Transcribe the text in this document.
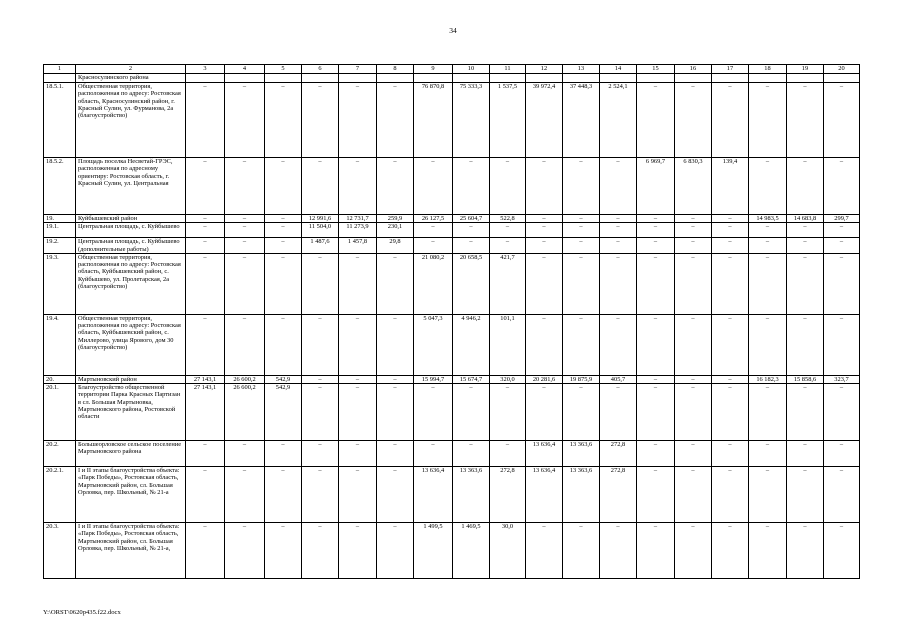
34
1	2	3	4	5	6	7	8	9	10	11	12	13	14	15	16	17	18	19	20
	Красносулинского района																		
18.5.1.	Общественная территория, расположенная по адресу: Ростовская область, Красносулинский район, г. Красный Сулин, ул. Фурманова, 2а (благоустройство)	–	–	–	–	–	–	76 870,8	75 333,3	1 537,5	39 972,4	37 448,3	2 524,1	–	–	–	–	–	–
18.5.2.	Площадь поселка Несветай-ГРЭС, расположенная по адресному ориентиру: Ростовская область, г. Красный Сулин, ул. Центральная	–	–	–	–	–	–	–	–	–	–	–	–	6 969,7	6 830,3	139,4	–	–	–
19.	Куйбышевский район	–	–	–	12 991,6	12 731,7	259,9	26 127,5	25 604,7	522,8	–	–	–	–	–	–	14 983,5	14 683,8	299,7
19.1.	Центральная площадь, с. Куйбышево	–	–	–	11 504,0	11 273,9	230,1	–	–	–	–	–	–	–	–	–	–	–	–
19.2.	Центральная площадь, с. Куйбышево (дополнительные работы)	–	–	–	1 487,6	1 457,8	29,8	–	–	–	–	–	–	–	–	–	–	–	–
19.3.	Общественная территория, расположенная по адресу: Ростовская область, Куйбышевский район, с. Куйбышево, ул. Пролетарская, 2а (благоустройство)	–	–	–	–	–	–	21 080,2	20 658,5	421,7	–	–	–	–	–	–	–	–	–
19.4.	Общественная территория, расположенная по адресу: Ростовская область, Куйбышевский район, с. Миллерово, улица Ярового, дом 30 (благоустройство)	–	–	–	–	–	–	5 047,3	4 946,2	101,1	–	–	–	–	–	–	–	–	–
20.	Мартыновский район	27 143,1	26 600,2	542,9	–	–	–	15 994,7	15 674,7	320,0	20 281,6	19 875,9	405,7	–	–	–	16 182,3	15 858,6	323,7
20.1.	Благоустройство общественной территории Парка Красных Партизан в сл. Большая Мартыновка, Мартыновского района, Ростовской области	27 143,1	26 600,2	542,9	–	–	–	–	–	–	–	–	–	–	–	–	–	–	–
20.2.	Большеорловское сельское поселение Мартыновского района	–	–	–	–	–	–	–	–	–	13 636,4	13 363,6	272,8	–	–	–	–	–	–
20.2.1.	I и II этапы благоустройства объекта: «Парк Победы», Ростовская область, Мартыновский район, сл. Большая Орловка, пер. Школьный, № 21-а	–	–	–	–	–	–	13 636,4	13 363,6	272,8	13 636,4	13 363,6	272,8	–	–	–	–	–	–
20.3.	I и II этапы благоустройства объекта: «Парк Победы», Ростовская область, Мартыновский район, сл. Большая Орловка, пер. Школьный, № 21-а,	–	–	–	–	–	–	1 499,5	1 469,5	30,0	–	–	–	–	–	–	–	–	–
Y:\ORST\0620p435.f22.docx
